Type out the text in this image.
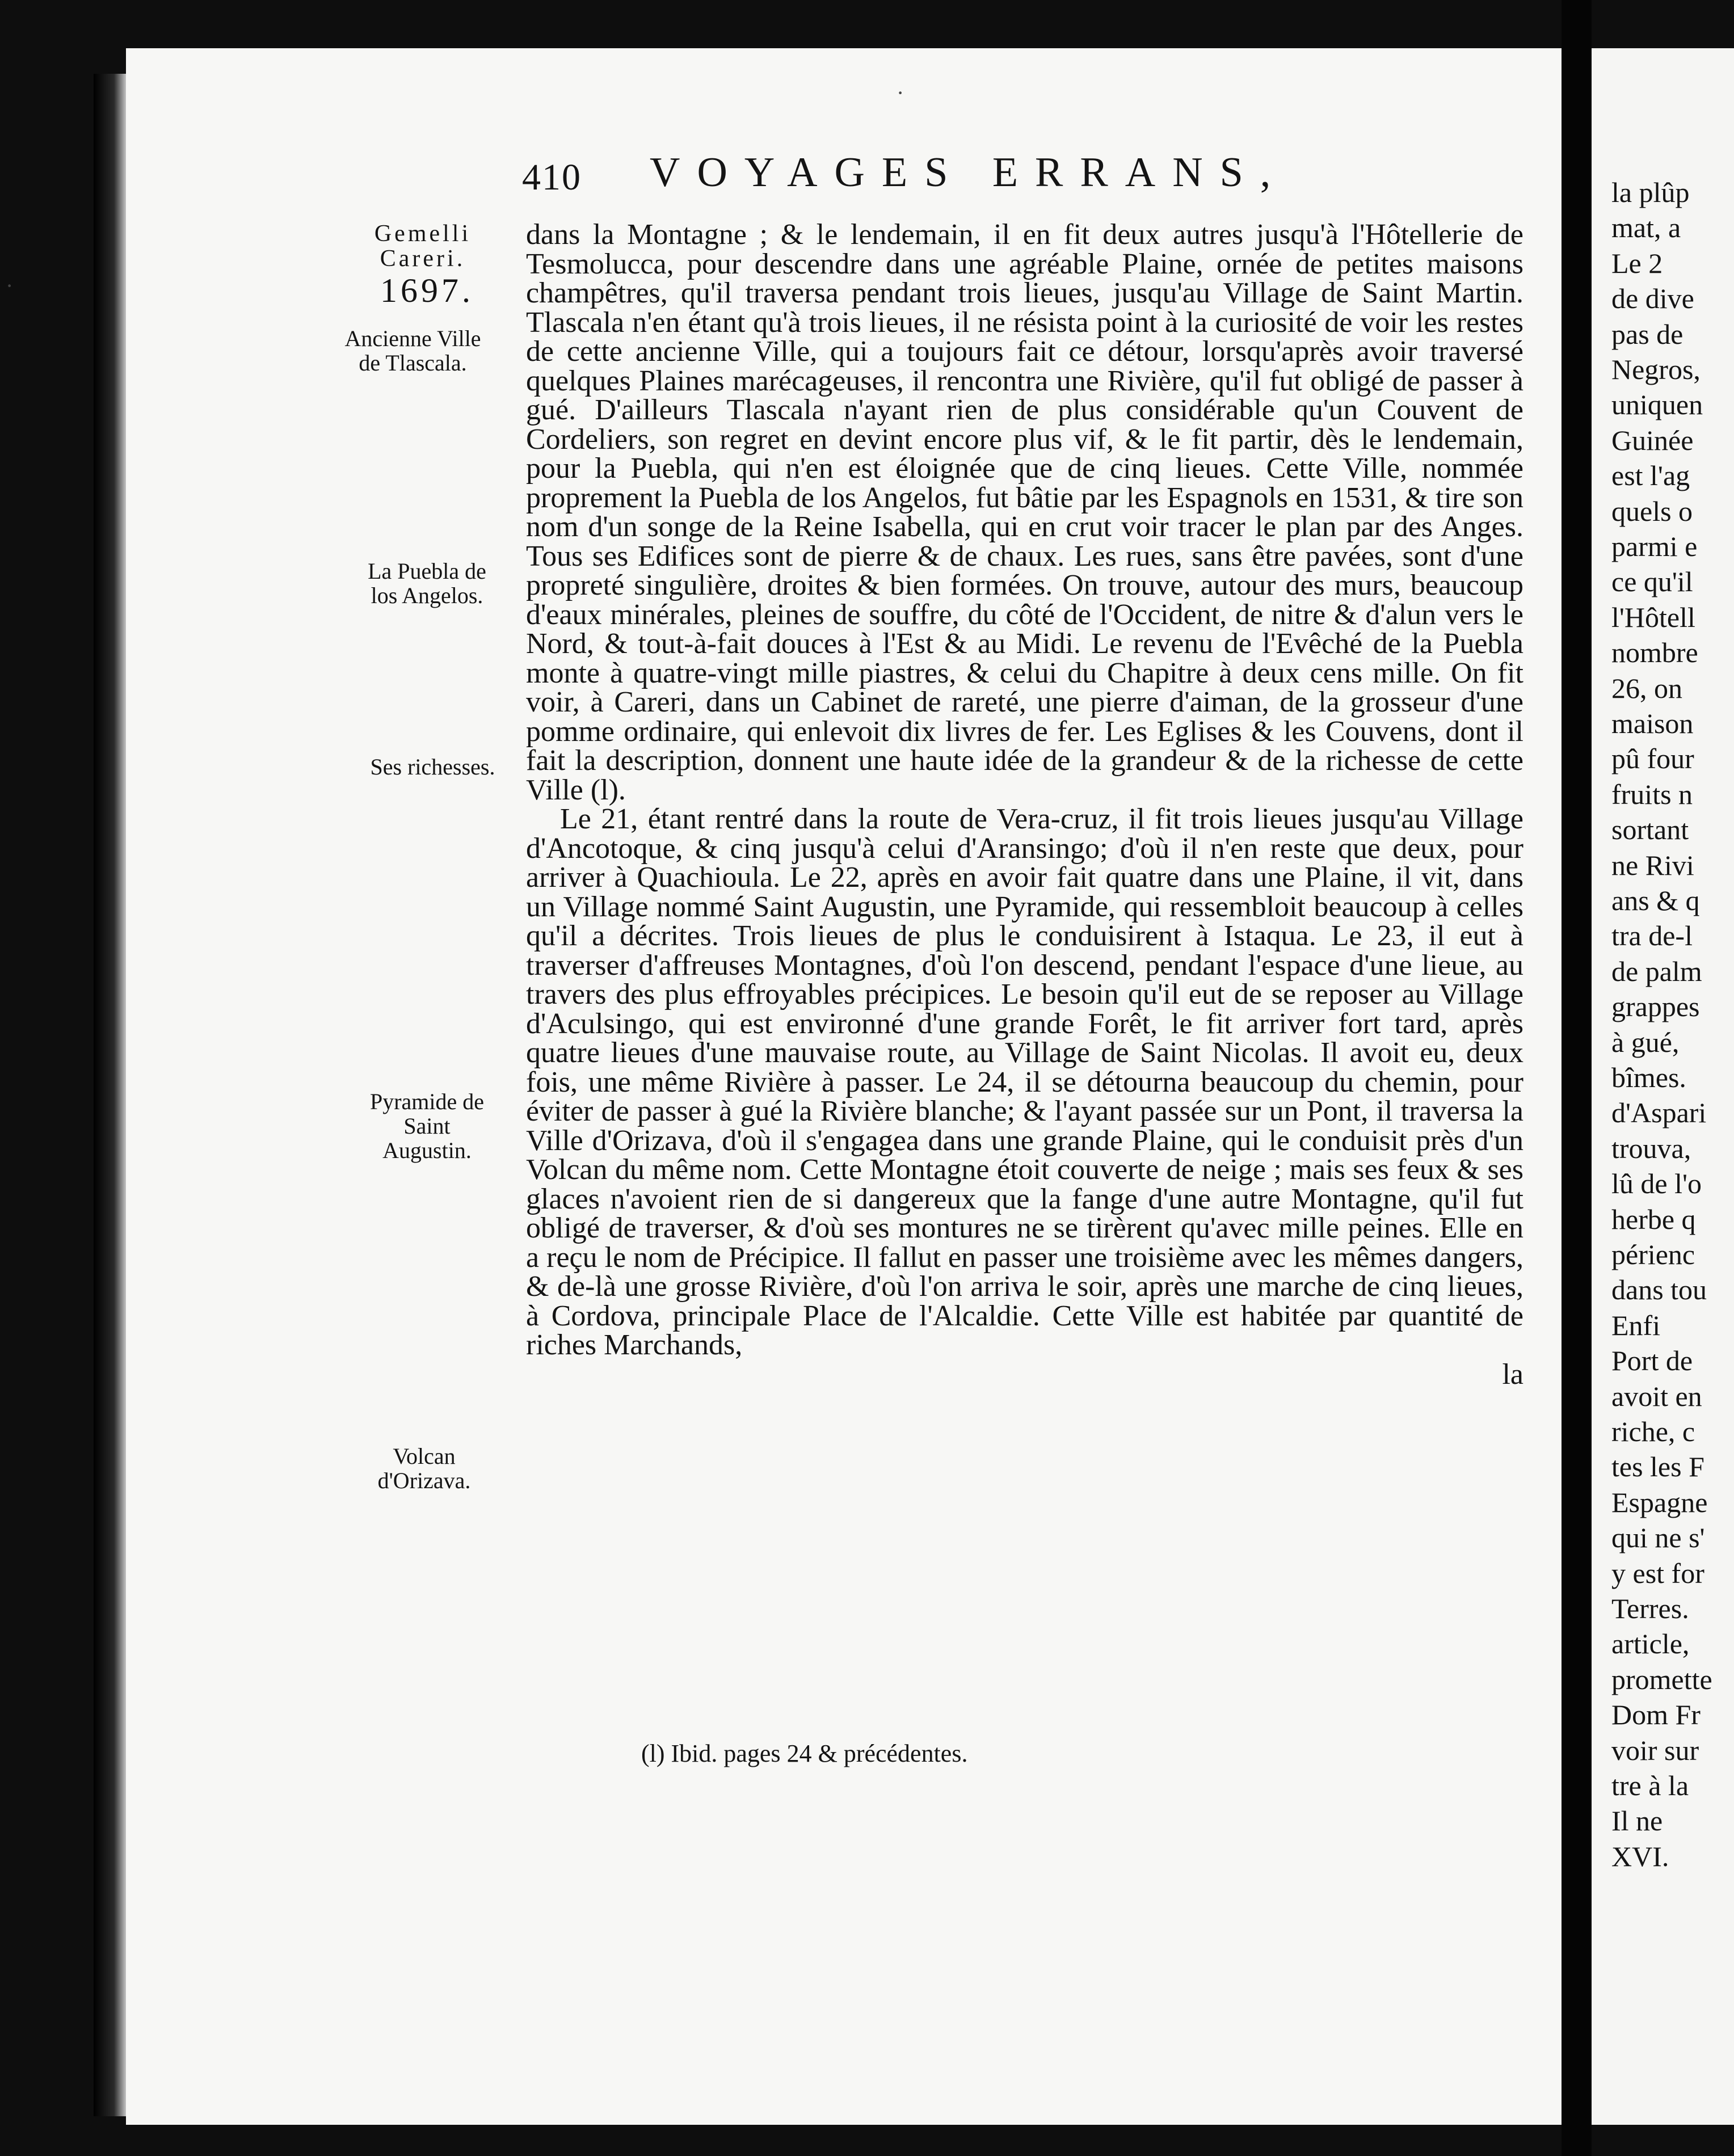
la plûp
mat, a
Le 2
de dive
pas de
Negros,
uniquen
Guinée
est l'ag
quels o
parmi e
ce qu'il
l'Hôtell
nombre
26, on
maison
pû four
fruits n
sortant
ne Rivi
ans & q
tra de-l
de palm
grappes
à gué,
bîmes.
d'Aspari
trouva,
lû de l'o
herbe q
périenc
dans tou
Enfi
Port de
avoit en
riche, c
tes les F
Espagne
qui ne s'
y est for
Terres.
article,
promette
Dom Fr
voir sur
tre à la
Il ne
XVI.
410 VOYAGES ERRANS,
Gemelli Careri.
1697.
Ancienne Ville de Tlascala.
La Puebla de los Angelos.
Ses richesses.
Pyramide de Saint Augustin.
Volcan d'Orizava.

dans la Montagne ; & le lendemain, il en fit deux autres jusqu'à l'Hôtellerie de Tesmolucca, pour descendre dans une agréable Plaine, ornée de petites maisons champêtres, qu'il traversa pendant trois lieues, jusqu'au Village de Saint Martin. Tlascala n'en étant qu'à trois lieues, il ne résista point à la curiosité de voir les restes de cette ancienne Ville, qui a toujours fait ce détour, lorsqu'après avoir traversé quelques Plaines marécageuses, il rencontra une Rivière, qu'il fut obligé de passer à gué. D'ailleurs Tlascala n'ayant rien de plus considérable qu'un Couvent de Cordeliers, son regret en devint encore plus vif, & le fit partir, dès le lendemain, pour la Puebla, qui n'en est éloignée que de cinq lieues. Cette Ville, nommée proprement la Puebla de los Angelos, fut bâtie par les Espagnols en 1531, & tire son nom d'un songe de la Reine Isabella, qui en crut voir tracer le plan par des Anges. Tous ses Edifices sont de pierre & de chaux. Les rues, sans être pavées, sont d'une propreté singulière, droites & bien formées. On trouve, autour des murs, beaucoup d'eaux minérales, pleines de souffre, du côté de l'Occident, de nitre & d'alun vers le Nord, & tout-à-fait douces à l'Est & au Midi. Le revenu de l'Evêché de la Puebla monte à quatre-vingt mille piastres, & celui du Chapitre à deux cens mille. On fit voir, à Careri, dans un Cabinet de rareté, une pierre d'aiman, de la grosseur d'une pomme ordinaire, qui enlevoit dix livres de fer. Les Eglises & les Couvens, dont il fait la description, donnent une haute idée de la grandeur & de la richesse de cette Ville (l).

Le 21, étant rentré dans la route de Vera-cruz, il fit trois lieues jusqu'au Village d'Ancotoque, & cinq jusqu'à celui d'Aransingo; d'où il n'en reste que deux, pour arriver à Quachioula. Le 22, après en avoir fait quatre dans une Plaine, il vit, dans un Village nommé Saint Augustin, une Pyramide, qui ressembloit beaucoup à celles qu'il a décrites. Trois lieues de plus le conduisirent à Istaqua. Le 23, il eut à traverser d'affreuses Montagnes, d'où l'on descend, pendant l'espace d'une lieue, au travers des plus effroyables précipices. Le besoin qu'il eut de se reposer au Village d'Aculsingo, qui est environné d'une grande Forêt, le fit arriver fort tard, après quatre lieues d'une mauvaise route, au Village de Saint Nicolas. Il avoit eu, deux fois, une même Rivière à passer. Le 24, il se détourna beaucoup du chemin, pour éviter de passer à gué la Rivière blanche; & l'ayant passée sur un Pont, il traversa la Ville d'Orizava, d'où il s'engagea dans une grande Plaine, qui le conduisit près d'un Volcan du même nom. Cette Montagne étoit couverte de neige ; mais ses feux & ses glaces n'avoient rien de si dangereux que la fange d'une autre Montagne, qu'il fut obligé de traverser, & d'où ses montures ne se tirèrent qu'avec mille peines. Elle en a reçu le nom de Précipice. Il fallut en passer une troisième avec les mêmes dangers, & de-là une grosse Rivière, d'où l'on arriva le soir, après une marche de cinq lieues, à Cordova, principale Place de l'Alcaldie. Cette Ville est habitée par quantité de riches Marchands,

la

(l) Ibid. pages 24 & précédentes.
·
·
